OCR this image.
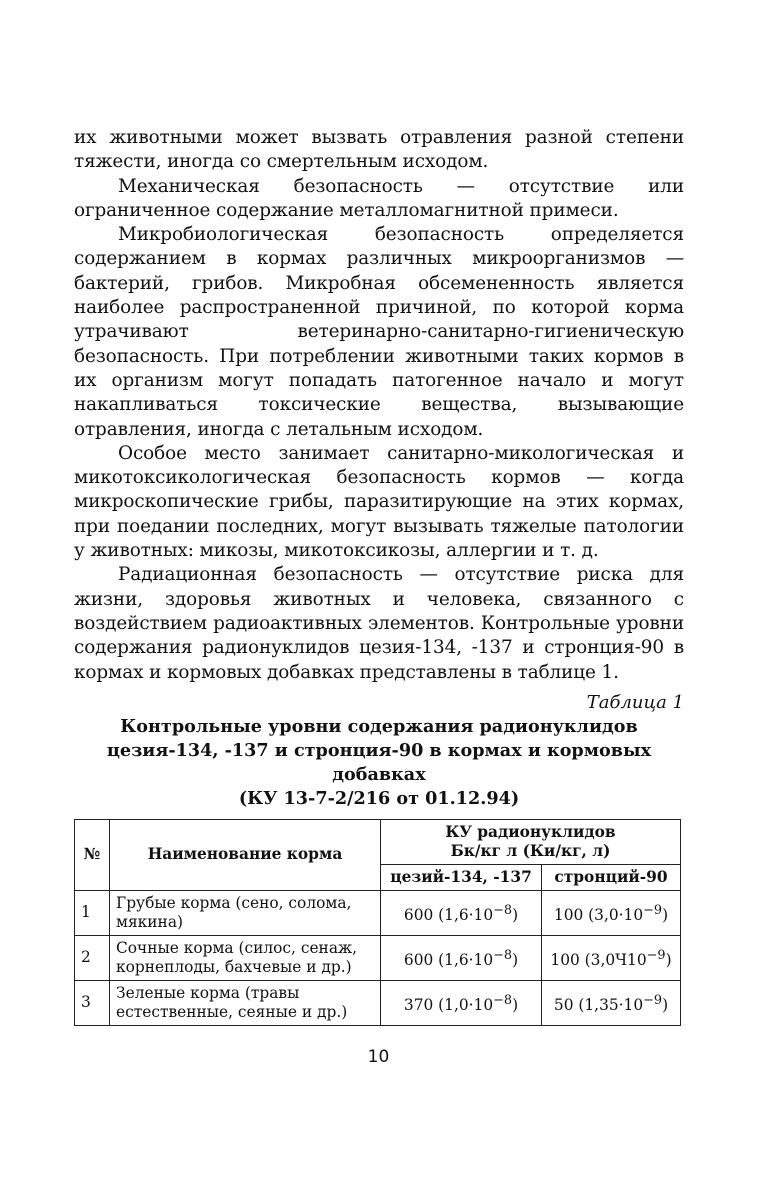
их животными может вызвать отравления разной степени тяжести, иногда со смертельным исходом.

Механическая безопасность — отсутствие или ограниченное содержание металломагнитной примеси.

Микробиологическая безопасность определяется содержанием в кормах различных микроорганизмов — бактерий, грибов. Микробная обсемененность является наиболее распространенной причиной, по которой корма утрачивают ветеринарно-санитарно-гигиеническую безопасность. При потреблении животными таких кормов в их организм могут попадать патогенное начало и могут накапливаться токсические вещества, вызывающие отравления, иногда с летальным исходом.

Особое место занимает санитарно-микологическая и микотоксикологическая безопасность кормов — когда микроскопические грибы, паразитирующие на этих кормах, при поедании последних, могут вызывать тяжелые патологии у животных: микозы, микотоксикозы, аллергии и т. д.

Радиационная безопасность — отсутствие риска для жизни, здоровья животных и человека, связанного с воздействием радиоактивных элементов. Контрольные уровни содержания радионуклидов цезия-134, -137 и стронция-90 в кормах и кормовых добавках представлены в таблице 1.

Таблица 1
Контрольные уровни содержания радионуклидов
цезия-134, -137 и стронция-90 в кормах и кормовых добавках
(КУ 13-7-2/216 от 01.12.94)
№	Наименование корма	КУ радионуклидов
Бк/кг л (Ки/кг, л)	

		цезий-134, -137	стронций-90
1	Грубые корма (сено, солома, мякина)	600 $(1,6\cdot 10^{-8})$	100 $(3,0\cdot 10^{-9})$
2	Сочные корма (силос, сенаж, корнеплоды, бахчевые и др.)	600 $(1,6\cdot 10^{-8})$	100 $(3,0Ч10^{-9})$
3	Зеленые корма (травы естественные, сеяные и др.)	370 $(1,0\cdot 10^{-8})$	50 $(1,35\cdot 10^{-9})$
10
